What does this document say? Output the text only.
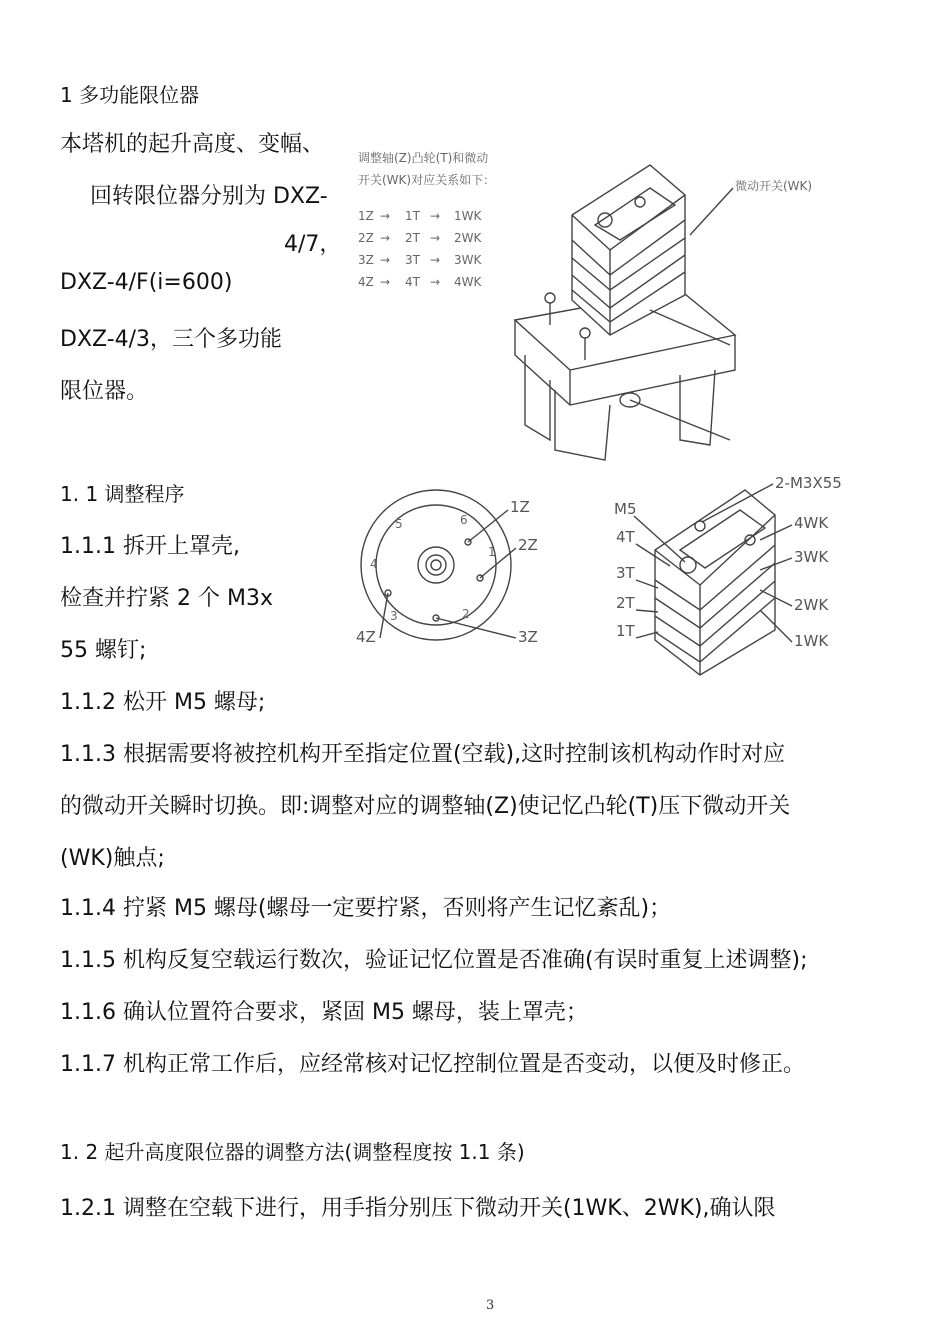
1 多功能限位器
本塔机的起升高度、变幅、
回转限位器分别为 DXZ-
4/7，
DXZ-4/F(i=600)
DXZ-4/3，三个多功能
限位器。
调整轴(Z)凸轮(T)和微动
开关(WK)对应关系如下：
1Z → 1T → 1WK
2Z → 2T → 2WK
3Z → 3T → 3WK
4Z → 4T → 4WK
微动开关(WK)
1. 1 调整程序
1.1.1 拆开上罩壳,
检查并拧紧 2 个 M3x
55 螺钉;
5	6
4
1
3	2
1Z
2Z
3Z
4Z
2-M3X55
4WK
3WK
2WK
1WK
M5
4T
3T
2T
1T
1.1.2 松开 M5 螺母;
1.1.3 根据需要将被控机构开至指定位置(空载),这时控制该机构动作时对应
的微动开关瞬时切换。即:调整对应的调整轴(Z)使记忆凸轮(T)压下微动开关
(WK)触点;
1.1.4 拧紧 M5 螺母(螺母一定要拧紧，否则将产生记忆紊乱)；
1.1.5 机构反复空载运行数次，验证记忆位置是否准确(有误时重复上述调整);
1.1.6 确认位置符合要求，紧固 M5 螺母，装上罩壳；
1.1.7 机构正常工作后，应经常核对记忆控制位置是否变动，以便及时修正。
1. 2 起升高度限位器的调整方法(调整程度按 1.1 条)
1.2.1 调整在空载下进行，用手指分别压下微动开关(1WK、2WK),确认限
3
